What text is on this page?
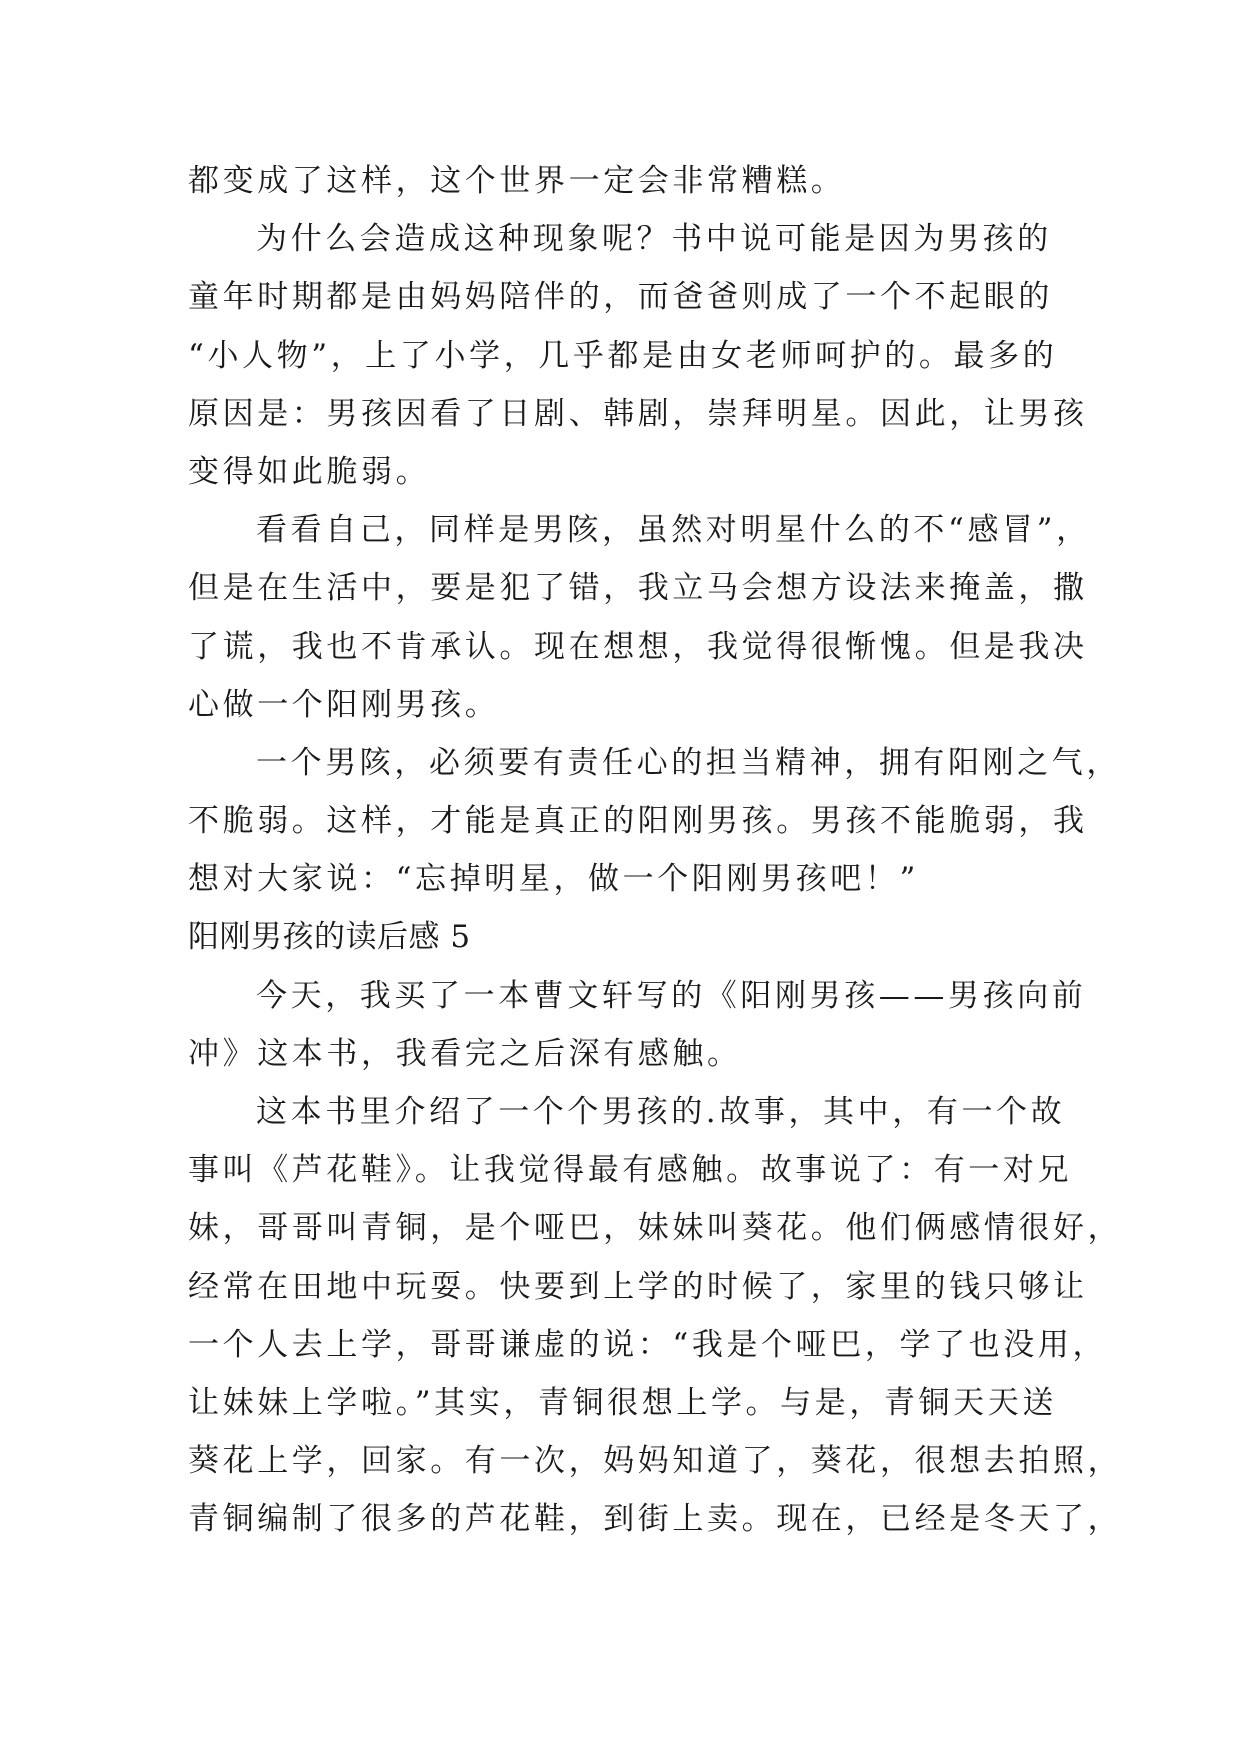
都变成了这样，这个世界一定会非常糟糕。
为什么会造成这种现象呢？书中说可能是因为男孩的
童年时期都是由妈妈陪伴的，而爸爸则成了一个不起眼的
“小人物”，上了小学，几乎都是由女老师呵护的。最多的
原因是：男孩因看了日剧、韩剧，崇拜明星。因此，让男孩
变得如此脆弱。
看看自己，同样是男陔，虽然对明星什么的不“感冒”，
但是在生活中，要是犯了错，我立马会想方设法来掩盖，撒
了谎，我也不肯承认。现在想想，我觉得很惭愧。但是我决
心做一个阳刚男孩。
一个男陔，必须要有责任心的担当精神，拥有阳刚之气，
不脆弱。这样，才能是真正的阳刚男孩。男孩不能脆弱，我
想对大家说：“忘掉明星，做一个阳刚男孩吧！”
阳刚男孩的读后感 5
今天，我买了一本曹文轩写的《阳刚男孩——男孩向前
冲》这本书，我看完之后深有感触。
这本书里介绍了一个个男孩的.故事，其中，有一个故
事叫《芦花鞋》。让我觉得最有感触。故事说了：有一对兄
妹，哥哥叫青铜，是个哑巴，妹妹叫葵花。他们俩感情很好，
经常在田地中玩耍。快要到上学的时候了，家里的钱只够让
一个人去上学，哥哥谦虚的说：“我是个哑巴，学了也没用，
让妹妹上学啦。”其实，青铜很想上学。与是，青铜天天送
葵花上学，回家。有一次，妈妈知道了，葵花，很想去拍照，
青铜编制了很多的芦花鞋，到街上卖。现在，已经是冬天了，
